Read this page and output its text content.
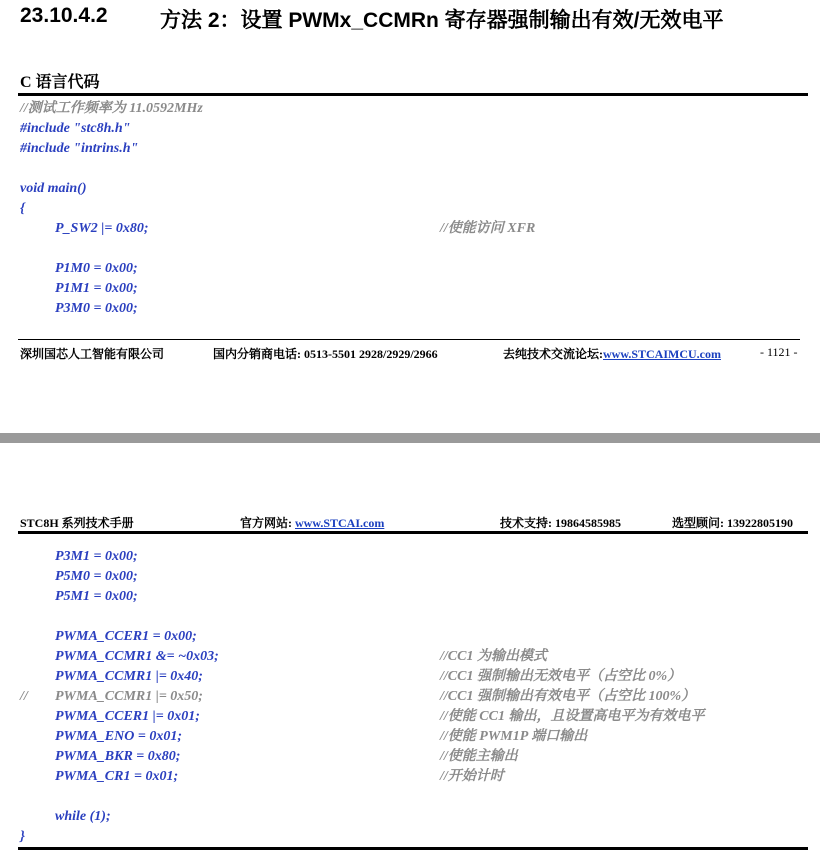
23.10.4.2 方法 2：设置 PWMx_CCMRn 寄存器强制输出有效/无效电平
C 语言代码
//测试工作频率为 11.0592MHz
#include "stc8h.h"
#include "intrins.h"
void main()
{
P_SW2 |= 0x80;	//使能访问 XFR
P1M0 = 0x00;
P1M1 = 0x00;
P3M0 = 0x00;
深圳国芯人工智能有限公司	国内分销商电话: 0513-5501 2928/2929/2966	去纯技术交流论坛:www.STCAIMCU.com	- 1121 -
STC8H 系列技术手册	官方网站: www.STCAI.com	技术支持: 19864585985	选型顾问: 13922805190
P3M1 = 0x00;
P5M0 = 0x00;
P5M1 = 0x00;
PWMA_CCER1 = 0x00;
PWMA_CCMR1 &= ~0x03;	//CC1 为输出模式
PWMA_CCMR1 |= 0x40;	//CC1 强制输出无效电平（占空比 0%）
// PWMA_CCMR1 |= 0x50;	//CC1 强制输出有效电平（占空比 100%）
PWMA_CCER1 |= 0x01;	//使能 CC1 输出，且设置高电平为有效电平
PWMA_ENO = 0x01;	//使能 PWM1P 端口输出
PWMA_BKR = 0x80;	//使能主输出
PWMA_CR1 = 0x01;	//开始计时
while (1);
}
